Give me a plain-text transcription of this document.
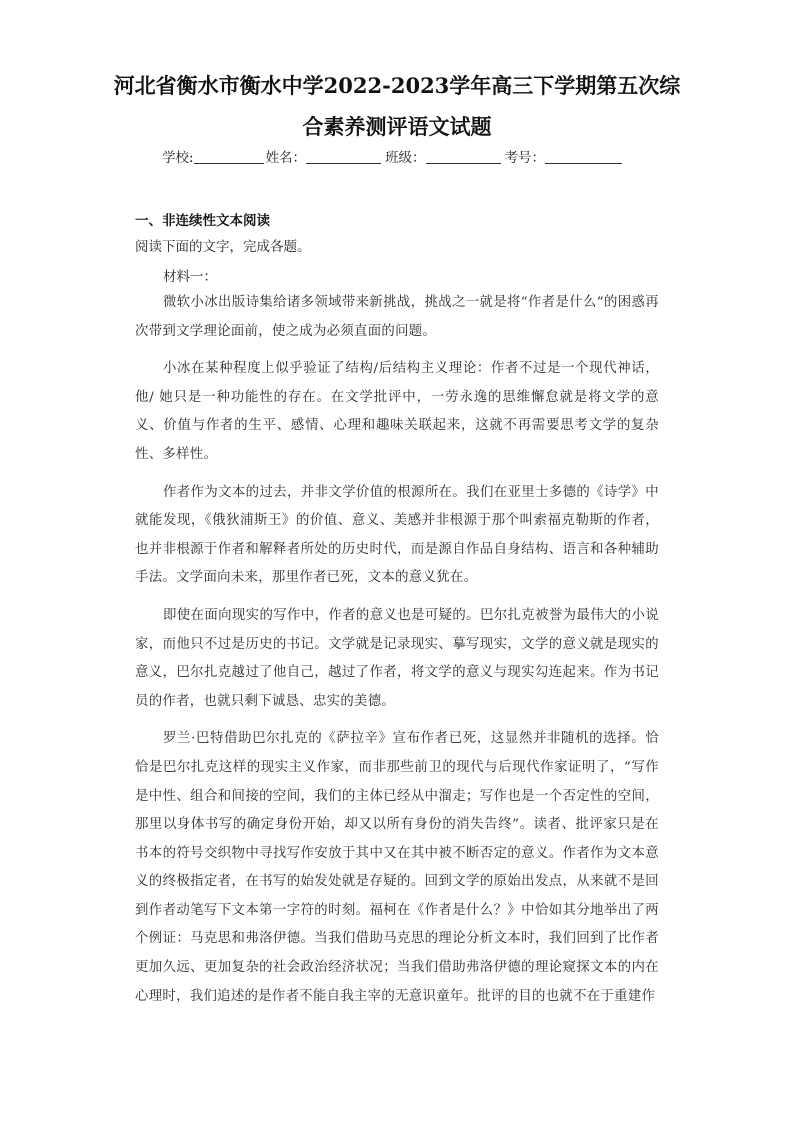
河北省衡水市衡水中学2022-2023学年高三下学期第五次综
合素养测评语文试题
学校:	姓名：	班级：	考号：
一、非连续性文本阅读
阅读下面的文字，完成各题。
材料一：

微软小冰出版诗集给诸多领域带来新挑战，挑战之一就是将“作者是什么”的困惑再次带到文学理论面前，使之成为必须直面的问题。

小冰在某种程度上似乎验证了结构/后结构主义理论：作者不过是一个现代神话，他/ 她只是一种功能性的存在。在文学批评中，一劳永逸的思维懈怠就是将文学的意义、价值与作者的生平、感情、心理和趣味关联起来，这就不再需要思考文学的复杂性、多样性。

作者作为文本的过去，并非文学价值的根源所在。我们在亚里士多德的《诗学》中就能发现，《俄狄浦斯王》的价值、意义、美感并非根源于那个叫索福克勒斯的作者，也并非根源于作者和解释者所处的历史时代，而是源自作品自身结构、语言和各种辅助手法。文学面向未来，那里作者已死，文本的意义犹在。

即使在面向现实的写作中，作者的意义也是可疑的。巴尔扎克被誉为最伟大的小说家，而他只不过是历史的书记。文学就是记录现实、摹写现实，文学的意义就是现实的意义，巴尔扎克越过了他自己，越过了作者，将文学的意义与现实勾连起来。作为书记员的作者，也就只剩下诚恳、忠实的美德。

罗兰·巴特借助巴尔扎克的《萨拉辛》宣布作者已死，这显然并非随机的选择。恰恰是巴尔扎克这样的现实主义作家，而非那些前卫的现代与后现代作家证明了，“写作是中性、组合和间接的空间，我们的主体已经从中溜走；写作也是一个否定性的空间，那里以身体书写的确定身份开始，却又以所有身份的消失告终”。读者、批评家只是在书本的符号交织物中寻找写作安放于其中又在其中被不断否定的意义。作者作为文本意义的终极指定者，在书写的始发处就是存疑的。回到文学的原始出发点，从来就不是回到作者动笔写下文本第一字符的时刻。福柯在《作者是什么？》中恰如其分地举出了两个例证：马克思和弗洛伊德。当我们借助马克思的理论分析文本时，我们回到了比作者更加久远、更加复杂的社会政治经济状况；当我们借助弗洛伊德的理论窥探文本的内在心理时，我们追述的是作者不能自我主宰的无意识童年。批评的目的也就不在于重建作
